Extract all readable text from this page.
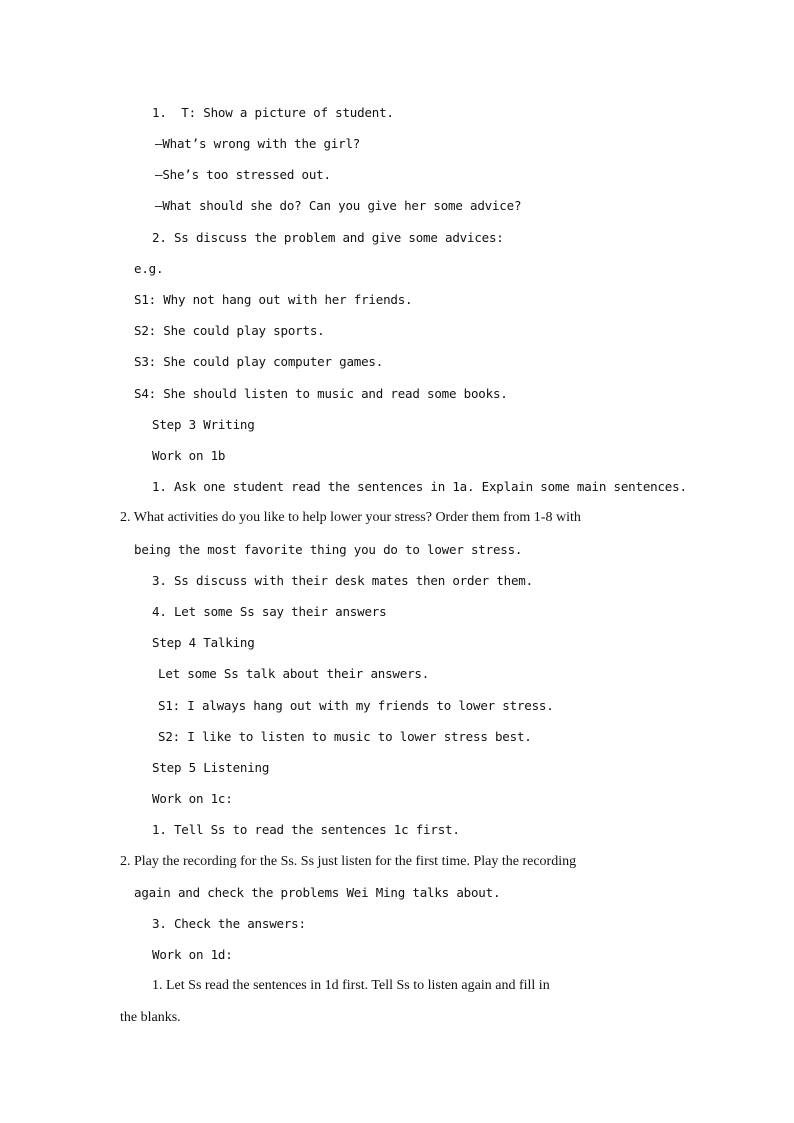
1.  T: Show a picture of student.
—What’s wrong with the girl?
—She’s too stressed out.
—What should she do? Can you give her some advice?
2. Ss discuss the problem and give some advices:
e.g.
S1: Why not hang out with her friends.
S2: She could play sports.
S3: She could play computer games.
S4: She should listen to music and read some books.
Step 3 Writing
Work on 1b
1. Ask one student read the sentences in 1a. Explain some main sentences.
2. What activities do you like to help lower your stress? Order them from 1-8 with
being the most favorite thing you do to lower stress.
3. Ss discuss with their desk mates then order them.
4. Let some Ss say their answers
Step 4 Talking
Let some Ss talk about their answers.
S1: I always hang out with my friends to lower stress.
S2: I like to listen to music to lower stress best.
Step 5 Listening
Work on 1c:
1. Tell Ss to read the sentences 1c first.
2. Play the recording for the Ss. Ss just listen for the first time. Play the recording
again and check the problems Wei Ming talks about.
3. Check the answers:
Work on 1d:
1. Let Ss read the sentences in 1d first. Tell Ss to listen again and fill in
the blanks.
